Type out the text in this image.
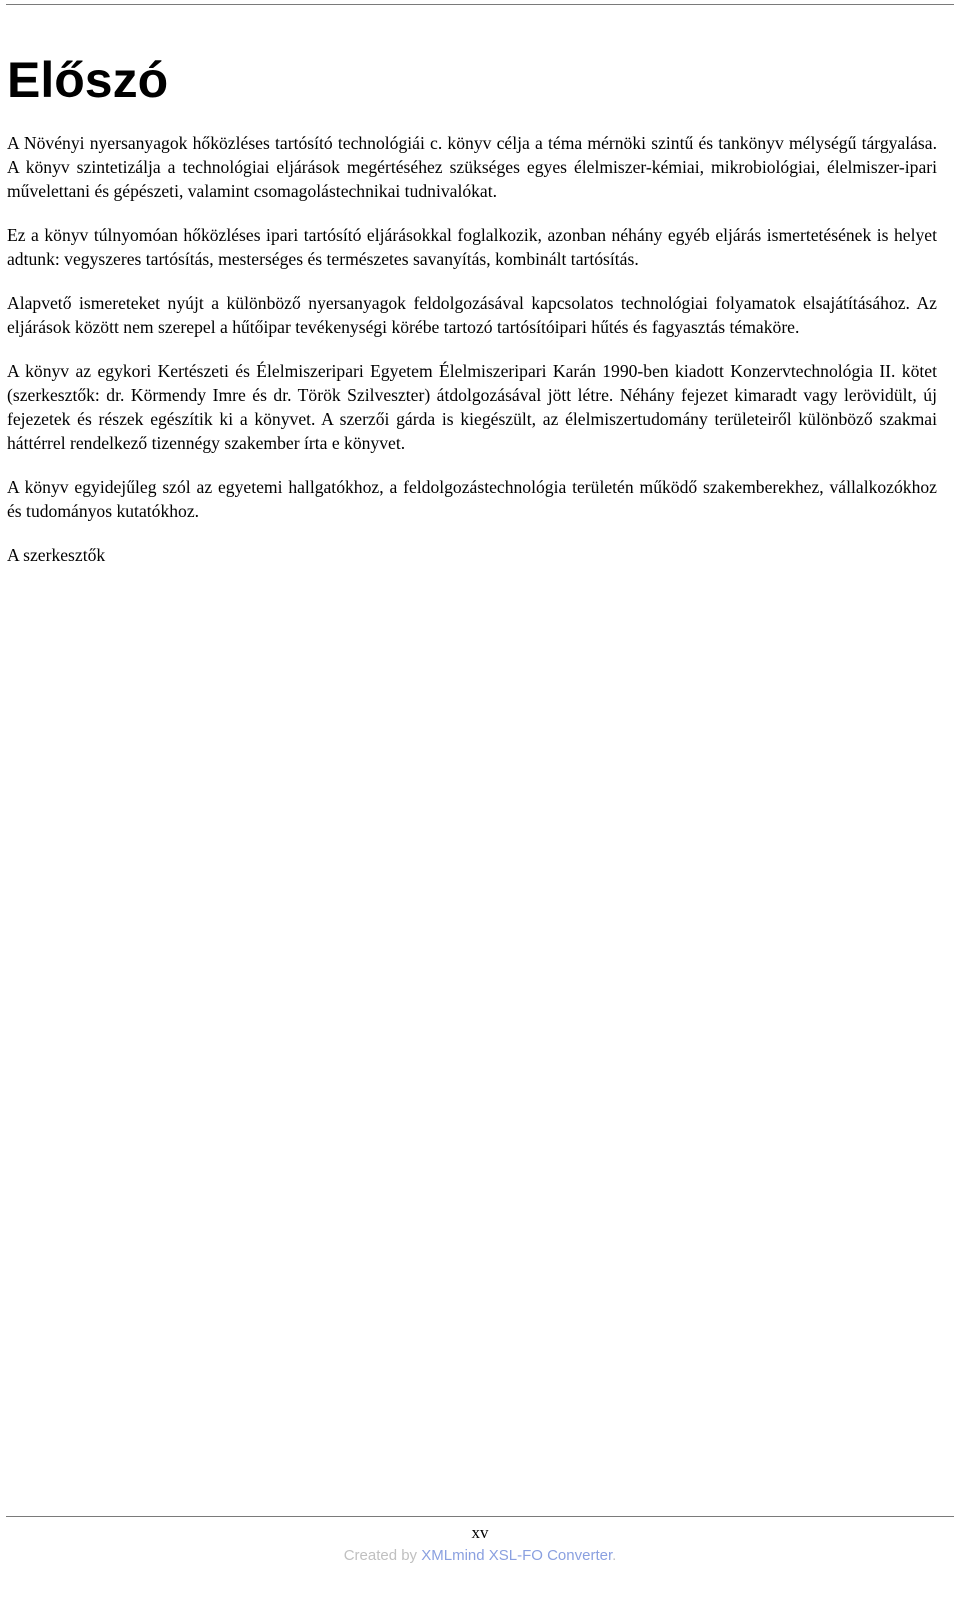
Előszó

A Növényi nyersanyagok hőközléses tartósító technológiái c. könyv célja a téma mérnöki szintű és tankönyv mélységű tárgyalása. A könyv szintetizálja a technológiai eljárások megértéséhez szükséges egyes élelmiszer-kémiai, mikrobiológiai, élelmiszer-ipari művelettani és gépészeti, valamint csomagolástechnikai tudnivalókat.

Ez a könyv túlnyomóan hőközléses ipari tartósító eljárásokkal foglalkozik, azonban néhány egyéb eljárás ismertetésének is helyet adtunk: vegyszeres tartósítás, mesterséges és természetes savanyítás, kombinált tartósítás.

Alapvető ismereteket nyújt a különböző nyersanyagok feldolgozásával kapcsolatos technológiai folyamatok elsajátításához. Az eljárások között nem szerepel a hűtőipar tevékenységi körébe tartozó tartósítóipari hűtés és fagyasztás témaköre.

A könyv az egykori Kertészeti és Élelmiszeripari Egyetem Élelmiszeripari Karán 1990-ben kiadott Konzervtechnológia II. kötet (szerkesztők: dr. Körmendy Imre és dr. Török Szilveszter) átdolgozásával jött létre. Néhány fejezet kimaradt vagy lerövidült, új fejezetek és részek egészítik ki a könyvet. A szerzői gárda is kiegészült, az élelmiszertudomány területeiről különböző szakmai háttérrel rendelkező tizennégy szakember írta e könyvet.

A könyv egyidejűleg szól az egyetemi hallgatókhoz, a feldolgozástechnológia területén működő szakemberekhez, vállalkozókhoz és tudományos kutatókhoz.

A szerkesztők

xv
Created by XMLmind XSL-FO Converter.
